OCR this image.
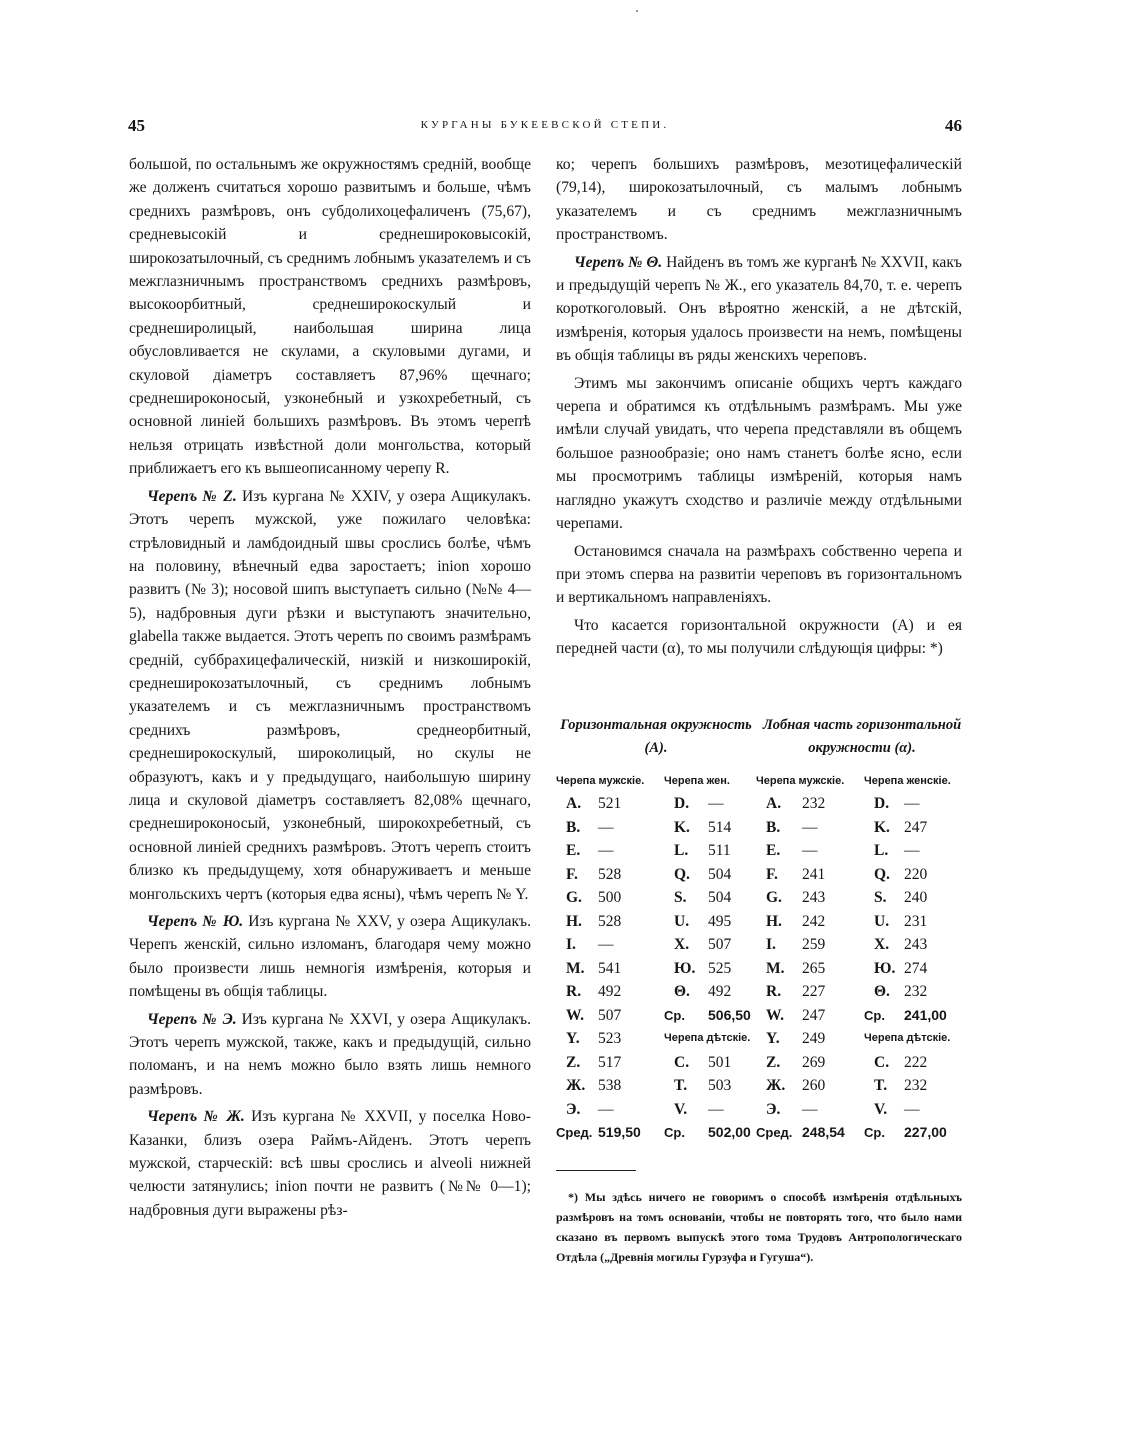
45	КУРГАНЫ БУКЕЕВСКОЙ СТЕПИ.	46

большой, по остальнымъ же окружностямъ средній, вообще же долженъ считаться хорошо развитымъ и больше, чѣмъ среднихъ размѣровъ, онъ субдолихоцефаличенъ (75,67), средневысокій и среднешироковысокій, широкозатылочный, съ среднимъ лобнымъ указателемъ и съ межглазничнымъ пространствомъ среднихъ размѣровъ, высокоорбитный, среднеширокоскулый и среднеширолицый, наибольшая ширина лица обусловливается не скулами, а скуловыми дугами, и скуловой діаметръ составляетъ 87,96% щечнаго; среднешироконосый, узконебный и узкохребетный, съ основной линіей большихъ размѣровъ. Въ этомъ черепѣ нельзя отрицать извѣстной доли монгольства, который приближаетъ его къ вышеописанному черепу R.

Черепъ № Z. Изъ кургана № XXIV, у озера Ащикулакъ. Этотъ черепъ мужской, уже пожилаго человѣка: стрѣловидный и ламбдоидный швы срослись болѣе, чѣмъ на половину, вѣнечный едва заростаетъ; inion хорошо развитъ (№ 3); носовой шипъ выступаетъ сильно (№№ 4—5), надбровныя дуги рѣзки и выступаютъ значительно, glabella также выдается. Этотъ черепъ по своимъ размѣрамъ средній, суббрахицефалическій, низкій и низкоширокій, среднеширокозатылочный, съ среднимъ лобнымъ указателемъ и съ межглазничнымъ пространствомъ среднихъ размѣровъ, среднеорбитный, среднеширокоскулый, широколицый, но скулы не образуютъ, какъ и у предыдущаго, наибольшую ширину лица и скуловой діаметръ составляетъ 82,08% щечнаго, среднешироконосый, узконебный, широкохребетный, съ основной линіей среднихъ размѣровъ. Этотъ черепъ стоитъ близко къ предыдущему, хотя обнаруживаетъ и меньше монгольскихъ чертъ (которыя едва ясны), чѣмъ черепъ № Y.

Черепъ № Ю. Изъ кургана № XXV, у озера Ащикулакъ. Черепъ женскій, сильно изломанъ, благодаря чему можно было произвести лишь немногія измѣренія, которыя и помѣщены въ общія таблицы.

Черепъ № Э. Изъ кургана № XXVI, у озера Ащикулакъ. Этотъ черепъ мужской, также, какъ и предыдущій, сильно поломанъ, и на немъ можно было взять лишь немного размѣровъ.

Черепъ № Ж. Изъ кургана № XXVII, у поселка Ново-Казанки, близъ озера Раймъ-Айденъ. Этотъ черепъ мужской, старческій: всѣ швы срослись и alveoli нижней челюсти затянулись; inion почти не развитъ (№№ 0—1); надбровныя дуги выражены рѣз-

ко; черепъ большихъ размѣровъ, мезотицефалическій (79,14), широкозатылочный, съ малымъ лобнымъ указателемъ и съ среднимъ межглазничнымъ пространствомъ.

Черепъ № Θ. Найденъ въ томъ же курганѣ № XXVII, какъ и предыдущій черепъ № Ж., его указатель 84,70, т. е. черепъ короткоголовый. Онъ вѣроятно женскій, а не дѣтскій, измѣренія, которыя удалось произвести на немъ, помѣщены въ общія таблицы въ ряды женскихъ череповъ.

Этимъ мы закончимъ описаніе общихъ чертъ каждаго черепа и обратимся къ отдѣльнымъ размѣрамъ. Мы уже имѣли случай увидать, что черепа представляли въ общемъ большое разнообразіе; оно намъ станетъ болѣе ясно, если мы просмотримъ таблицы измѣреній, которыя намъ наглядно укажутъ сходство и различіе между отдѣльными черепами.

Остановимся сначала на размѣрахъ собственно черепа и при этомъ сперва на развитіи череповъ въ горизонтальномъ и вертикальномъ направленіяхъ.

Что касается горизонтальной окружности (A) и ея передней части (α), то мы получили слѣдующія цифры: *)

Горизонтальная окружность (A).
Лобная часть горизонтальной окружности (α).
Черепа мужскіе.	Черепа жен.	Черепа мужскіе.	Черепа женскіе.
A.	521	D.	—	A.	232	D. —
B.	—	K.	514	B.	—	K. 247
E.	—	L.	511	E.	—	L.	—
F.	528	Q.	504	F.	241	Q. 220
G.	500	S.	504	G.	243	S.	240
H.	528	U.	495	H.	242	U. 231
I.	—	X.	507	I.	259	X. 243
M. 541	Ю. 525	M.	265	Ю. 274
R.	492	Θ.	492	R.	227	Θ. 232
W. 507	Ср.	506,50 W.	247	Ср.	241,00
Y.	523	Черепа дѣтскіе.	Y.	249	Черепа дѣтскіе.
Z.	517	C.	501	Z.	269	C. 222
Ж. 538	T.	503	Ж.	260	T.	232
Э.	—	V.	—	Э.	—	V.	—
Сред. 519,50	Ср.	502,00 Сред. 248,54	Ср.	227,00
*) Мы здѣсь ничего не говоримъ о способѣ измѣренія отдѣльныхъ размѣровъ на томъ основаніи, чтобы не повторять того, что было нами сказано въ первомъ выпускѣ этого тома Трудовъ Антропологическаго Отдѣла („Древнія могилы Гурзуфа и Гугуша“).
